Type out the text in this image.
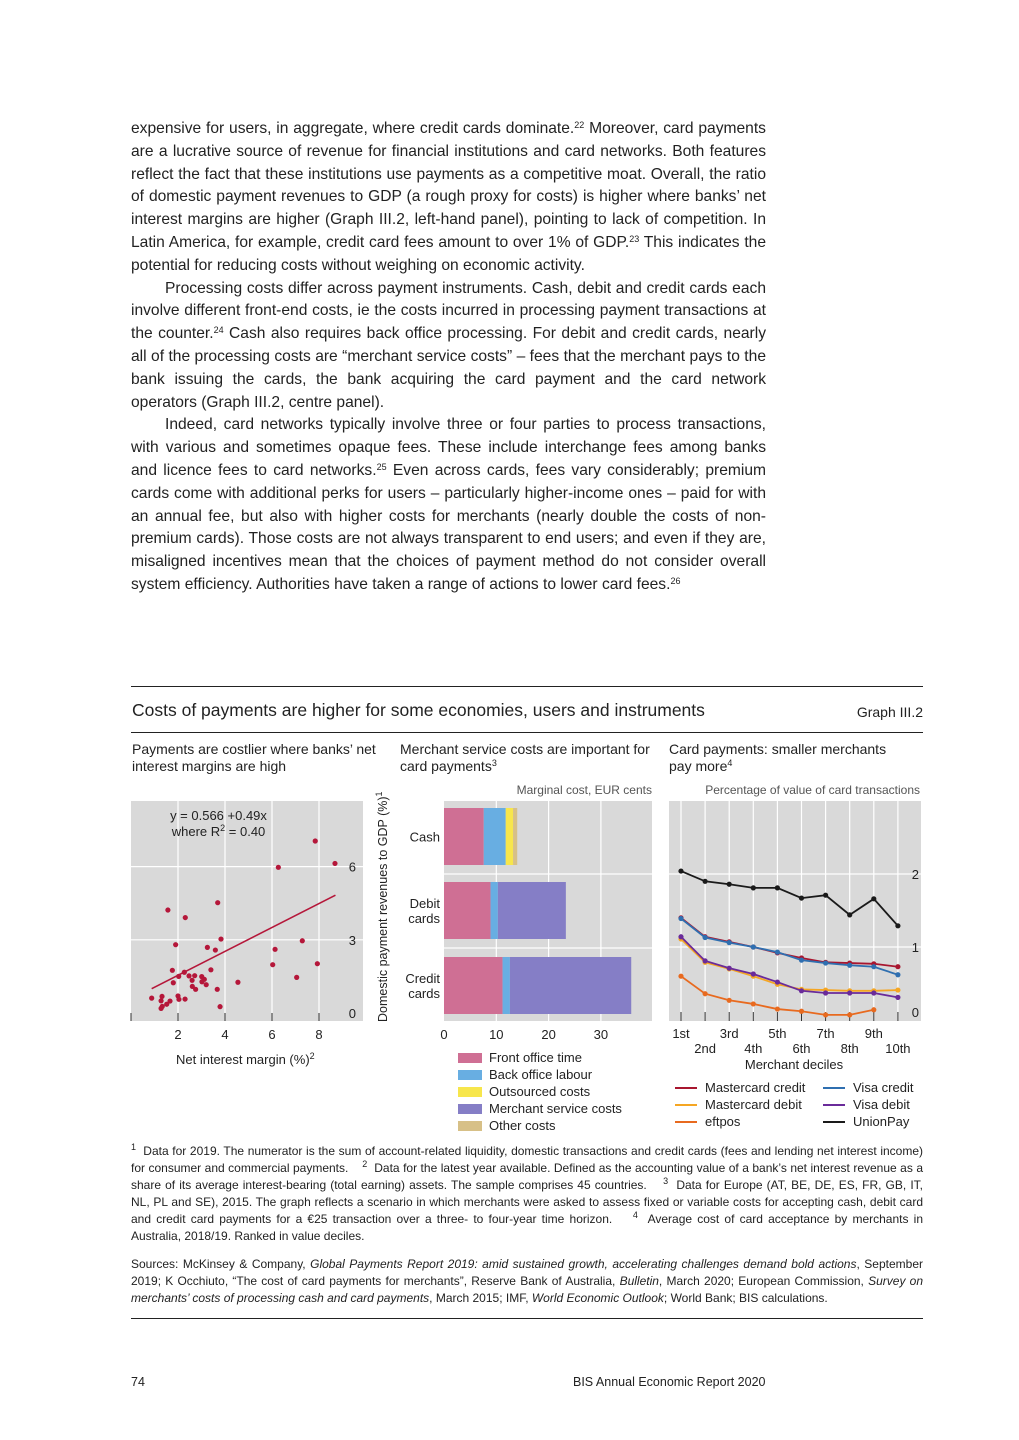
expensive for users, in aggregate, where credit cards dominate.$^{22}$ Moreover, card payments are a lucrative source of revenue for financial institutions and card networks. Both features reflect the fact that these institutions use payments as a competitive moat. Overall, the ratio of domestic payment revenues to GDP (a rough proxy for costs) is higher where banks’ net interest margins are higher (Graph III.2, left-hand panel), pointing to lack of competition. In Latin America, for example, credit card fees amount to over 1% of GDP.$^{23}$ This indicates the potential for reducing costs without weighing on economic activity.

Processing costs differ across payment instruments. Cash, debit and credit cards each involve different front-end costs, ie the costs incurred in processing payment transactions at the counter.$^{24}$ Cash also requires back office processing. For debit and credit cards, nearly all of the processing costs are “merchant service costs” – fees that the merchant pays to the bank issuing the cards, the bank acquiring the card payment and the card network operators (Graph III.2, centre panel).

Indeed, card networks typically involve three or four parties to process transactions, with various and sometimes opaque fees. These include interchange fees among banks and licence fees to card networks.$^{25}$ Even across cards, fees vary considerably; premium cards come with additional perks for users – particularly higher-income ones – paid for with an annual fee, but also with higher costs for merchants (nearly double the costs of non-premium cards). Those costs are not always transparent to end users; and even if they are, misaligned incentives mean that the choices of payment method do not consider overall system efficiency. Authorities have taken a range of actions to lower card fees.$^{26}$

Costs of payments are higher for some economies, users and instruments	Graph III.2
Payments are costlier where banks’ net interest margins are high
Merchant service costs are important for card payments$^3$
Card payments: smaller merchants pay more$^4$
Marginal cost, EUR cents	Percentage of value of card transactions
2	4	6	8
0
3
6
0	10	20	30
Cash
Debit
cards
Credit
cards
1st
2nd
3rd
4th
5th
6th
7th
8th
9th
10th
0
1
2
Net interest margin (%)$^2$
y = 0.566 +0.49x
where $R^2 = 0.40$	Domestic payment revenues to GDP (%)$^1$
Front office time
Back office labour
Outsourced costs
Merchant service costs
Other costs
Mastercard credit	Visa credit
Mastercard debit	Visa debit
eftpos	UnionPay
Merchant deciles
$^1$ Data for 2019. The numerator is the sum of account-related liquidity, domestic transactions and credit cards (fees and lending net interest income) for consumer and commercial payments. $^2$ Data for the latest year available. Defined as the accounting value of a bank’s net interest revenue as a share of its average interest-bearing (total earning) assets. The sample comprises 45 countries. $^3$ Data for Europe (AT, BE, DE, ES, FR, GB, IT, NL, PL and SE), 2015. The graph reflects a scenario in which merchants were asked to assess fixed or variable costs for accepting cash, debit card and credit card payments for a €25 transaction over a three- to four-year time horizon. $^4$ Average cost of card acceptance by merchants in Australia, 2018/19. Ranked in value deciles.
Sources: McKinsey & Company, Global Payments Report 2019: amid sustained growth, accelerating challenges demand bold actions, September 2019; K Occhiuto, “The cost of card payments for merchants”, Reserve Bank of Australia, Bulletin, March 2020; European Commission, Survey on merchants’ costs of processing cash and card payments, March 2015; IMF, World Economic Outlook; World Bank; BIS calculations.
74	BIS Annual Economic Report 2020
